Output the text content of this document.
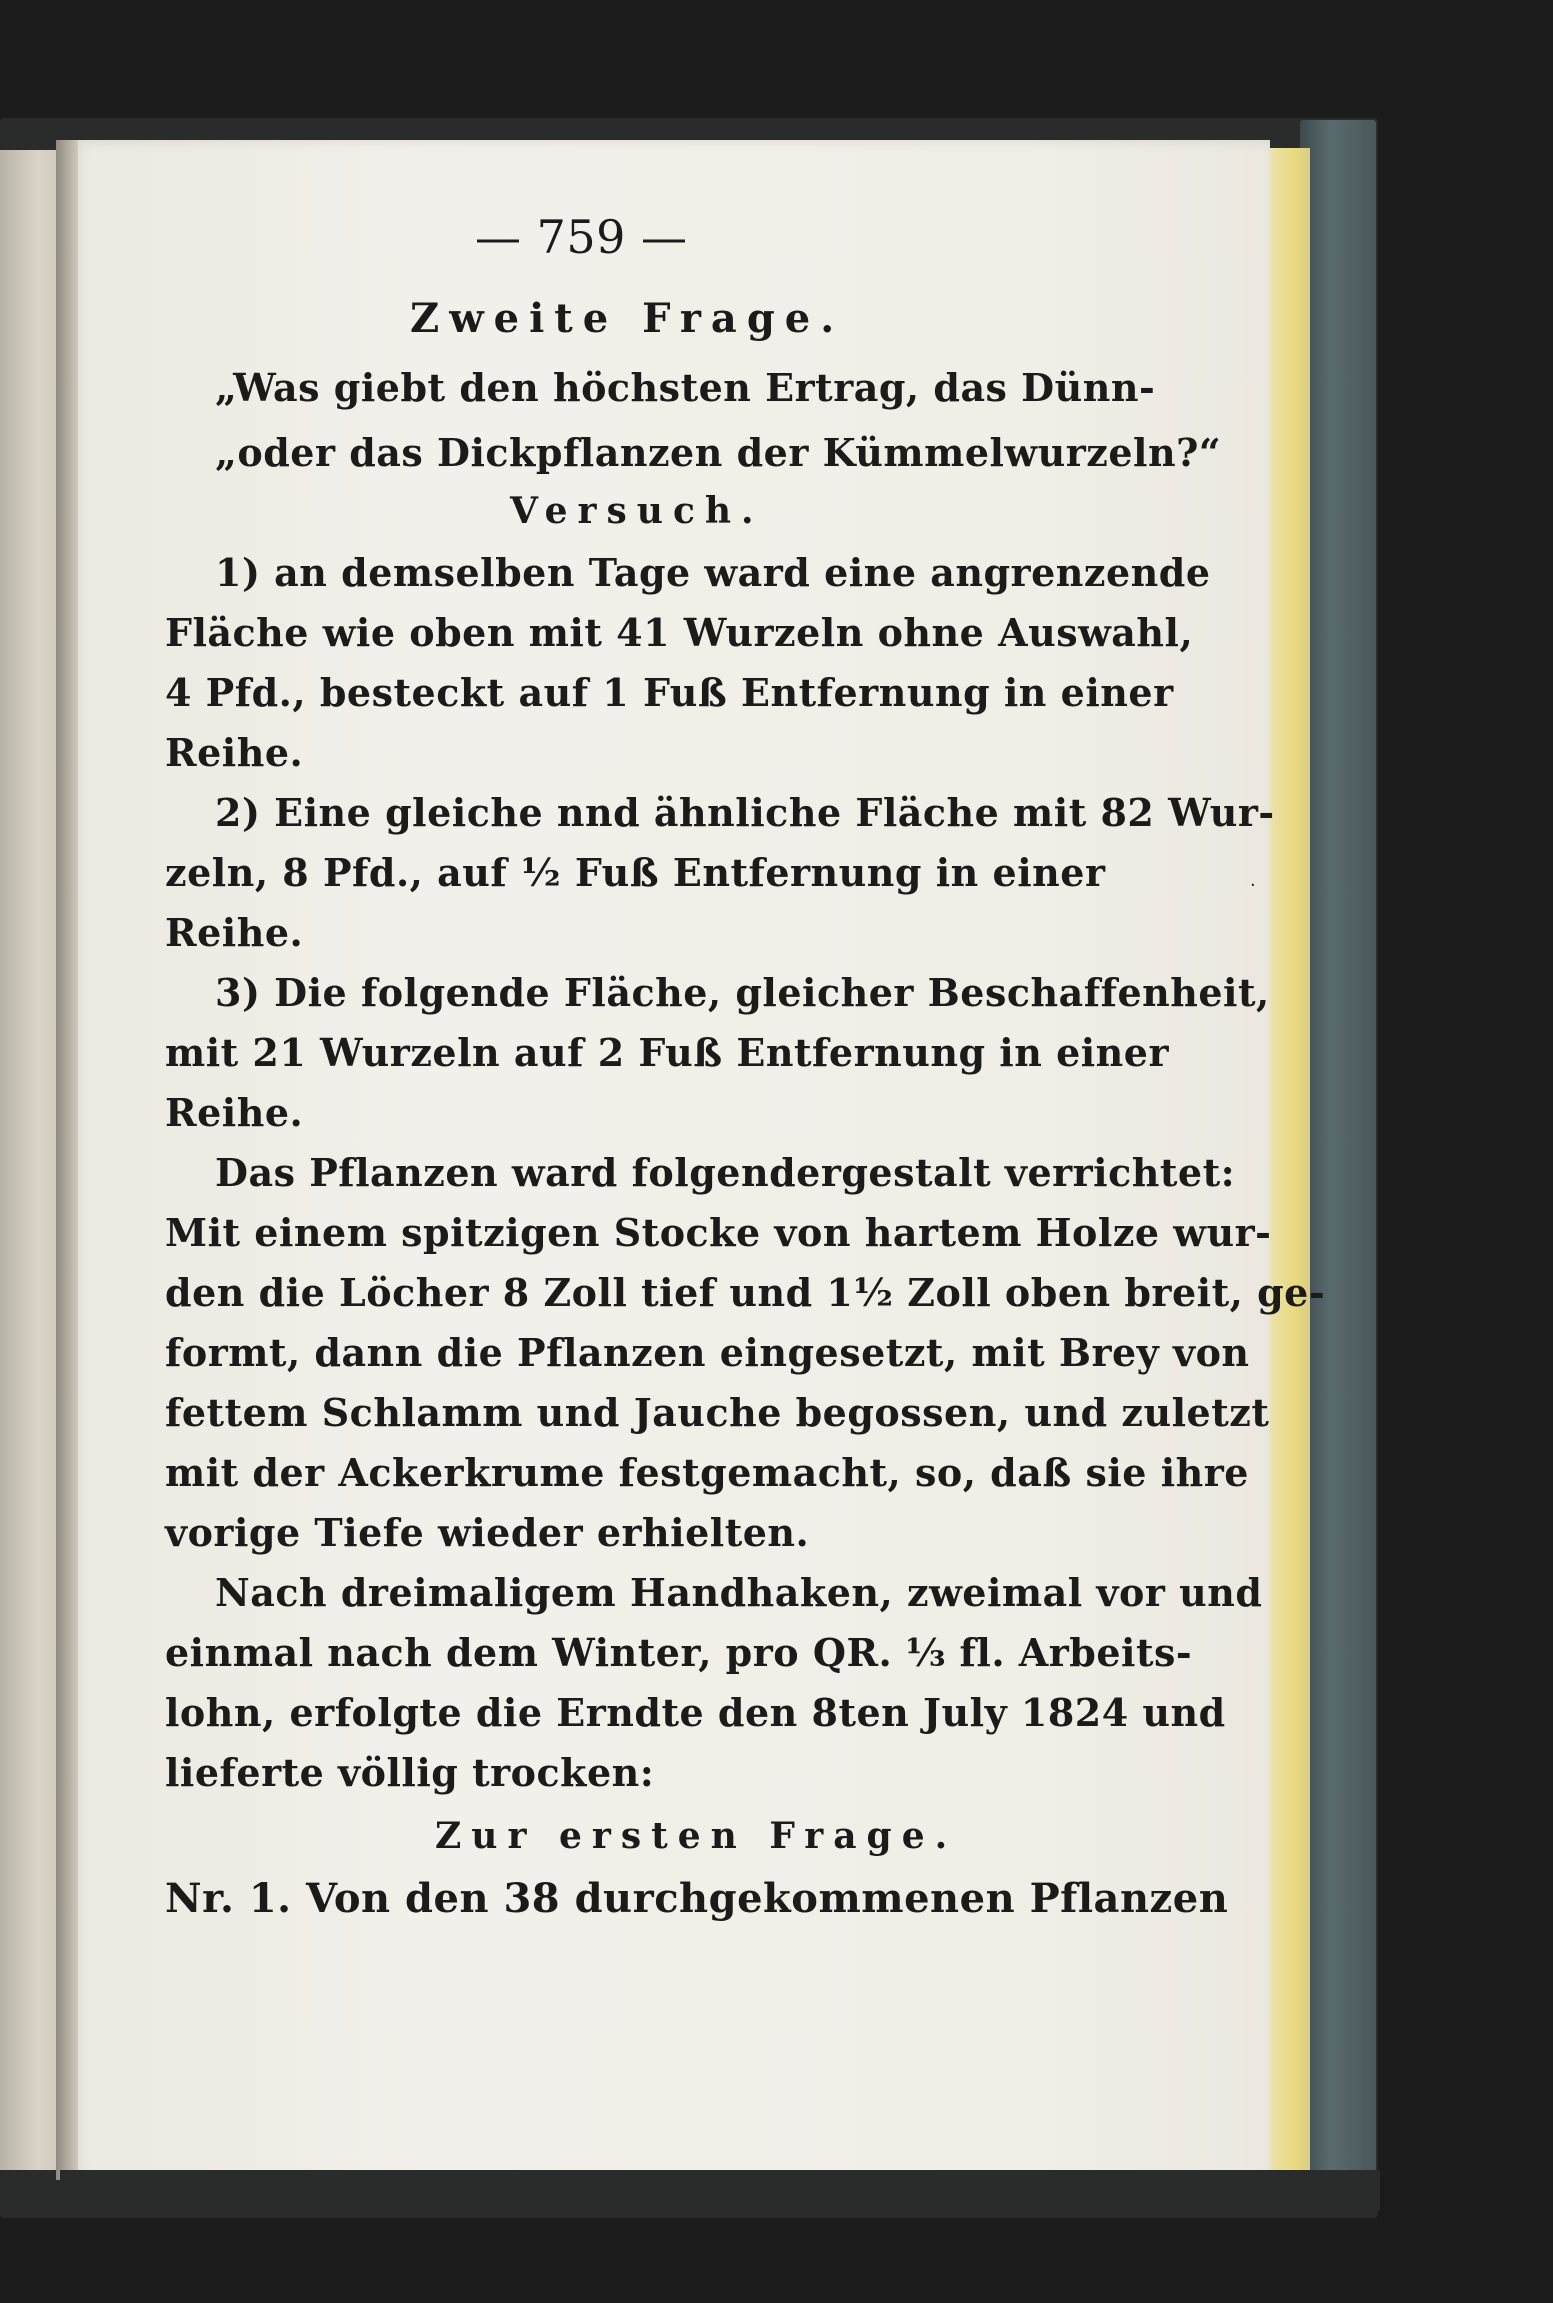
— 759 —
Zweite Frage.
„Was giebt den höchsten Ertrag, das Dünn-
„oder das Dickpflanzen der Kümmelwurzeln?“
Versuch.
1) an demselben Tage ward eine angrenzende
Fläche wie oben mit 41 Wurzeln ohne Auswahl,
4 Pfd., besteckt auf 1 Fuß Entfernung in einer
Reihe.
2) Eine gleiche nnd ähnliche Fläche mit 82 Wur-
zeln, 8 Pfd., auf ½ Fuß Entfernung in einer
Reihe.
3) Die folgende Fläche, gleicher Beschaffenheit,
mit 21 Wurzeln auf 2 Fuß Entfernung in einer
Reihe.
Das Pflanzen ward folgendergestalt verrichtet:
Mit einem spitzigen Stocke von hartem Holze wur-
den die Löcher 8 Zoll tief und 1½ Zoll oben breit, ge-
formt, dann die Pflanzen eingesetzt, mit Brey von
fettem Schlamm und Jauche begossen, und zuletzt
mit der Ackerkrume festgemacht, so, daß sie ihre
vorige Tiefe wieder erhielten.
Nach dreimaligem Handhaken, zweimal vor und
einmal nach dem Winter, pro QR. ⅓ fl. Arbeits-
lohn, erfolgte die Erndte den 8ten July 1824 und
lieferte völlig trocken:
Zur ersten Frage.
Nr. 1. Von den 38 durchgekommenen Pflanzen
·
